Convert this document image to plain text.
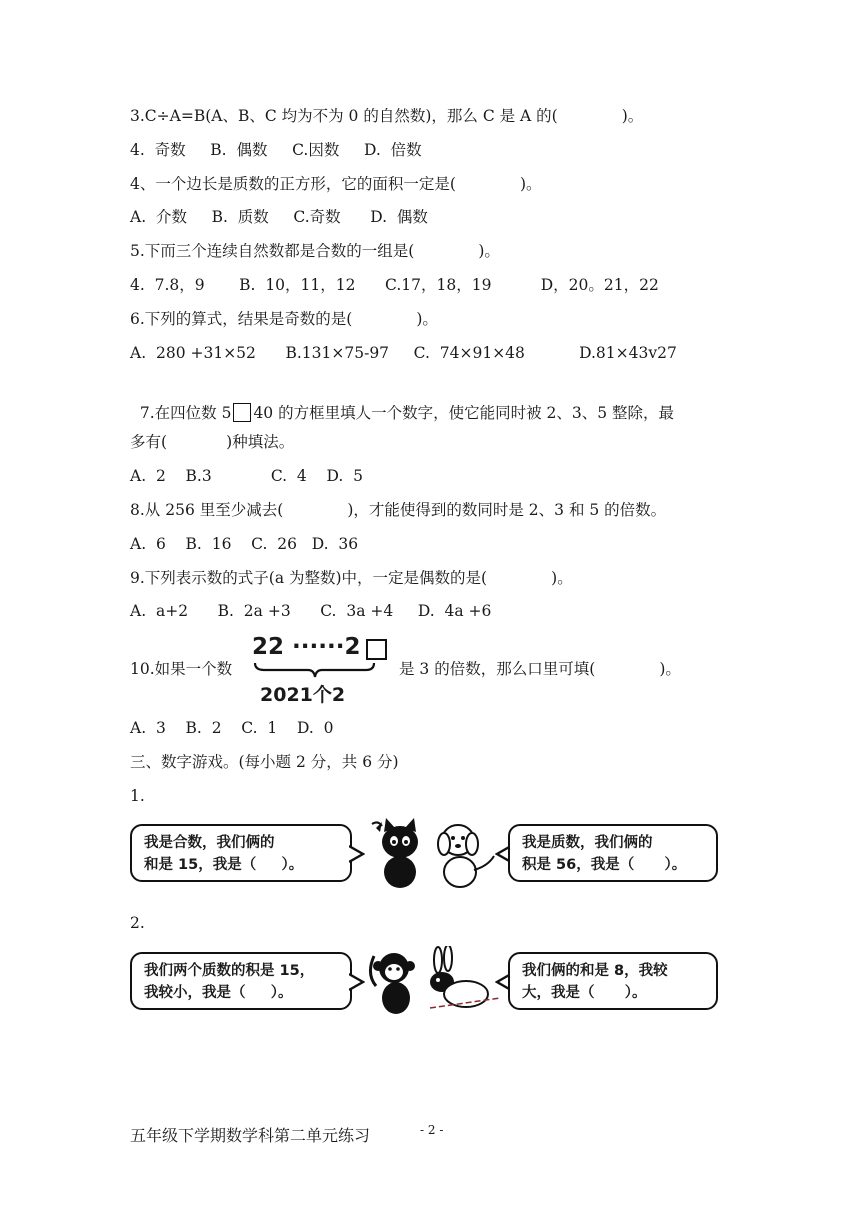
3.C÷A=B(A、B、C 均为不为 0 的自然数)，那么 C 是 A 的(             )。
4.  奇数     B.  偶数     C.因数     D.  倍数
4、一个边长是质数的正方形，它的面积一定是(             )。
A.  介数     B.  质数     C.奇数      D.  偶数
5.下而三个连续自然数都是合数的一组是(             )。
4.  7.8，9       B.  10，11，12      C.17，18，19          D，20。21，22
6.下列的算式，结果是奇数的是(             )。
A.  280 +31×52      B.131×75-97     C.  74×91×48           D.81×43v27

7.在四位数 5 40 的方框里填人一个数字，使它能同时被 2、3、5 整除，最

多有(            )种填法。
A.  2    B.3            C.  4    D.  5
8.从 256 里至少减去(             )，才能使得到的数同时是 2、3 和 5 的倍数。
A.  6    B.  16    C.  26   D.  36
9.下列表示数的式子(a 为整数)中，一定是偶数的是(             )。
A.  a+2      B.  2a +3      C.  3a +4     D.  4a +6
10.如果一个数
22 ······2
2021个2
是 3 的倍数，那么口里可填(             )。
A.  3    B.  2    C.  1    D.  0
三、数字游戏。(每小题 2 分，共 6 分)
1.
我是合数，我们俩的
和是 15，我是（     ）。
我是质数，我们俩的
积是 56，我是（      ）。
2.
我们两个质数的积是 15，
我较小，我是（     ）。
我们俩的和是 8，我较
大，我是（      ）。
五年级下学期数学科第二单元练习	- 2 -
